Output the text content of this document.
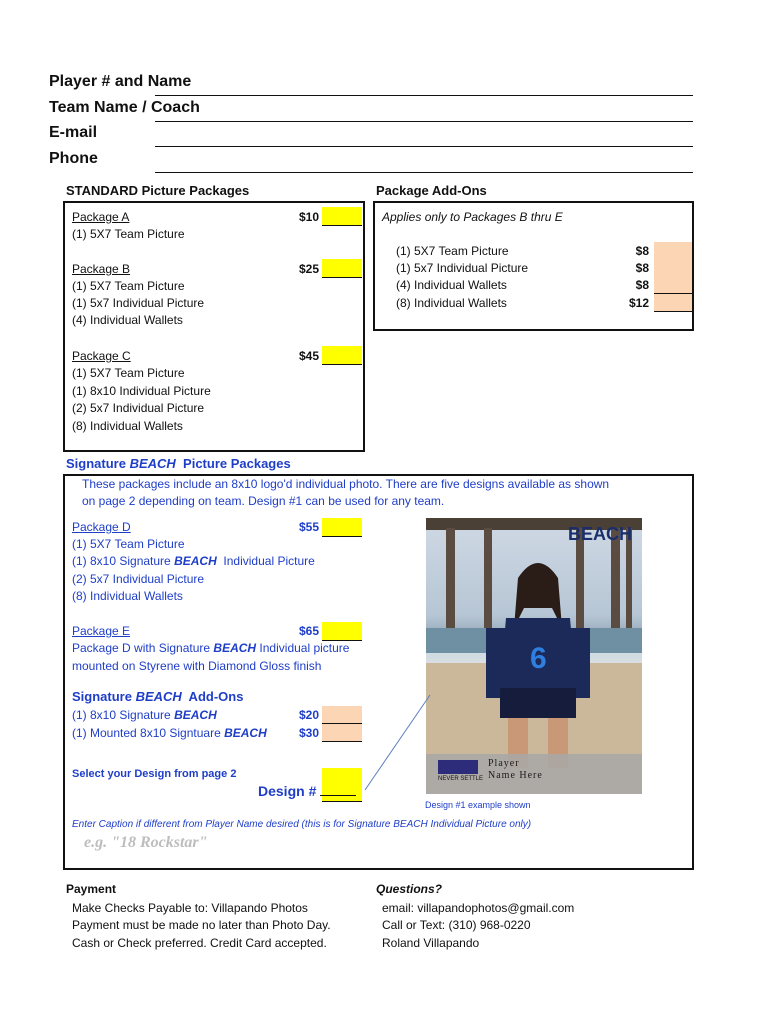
Player # and Name
Team Name / Coach
E-mail
Phone
STANDARD Picture Packages
Package A	$10
(1) 5X7 Team Picture
Package B	$25
(1) 5X7 Team Picture
(1) 5x7 Individual Picture
(4) Individual Wallets
Package C	$45
(1) 5X7 Team Picture
(1) 8x10 Individual Picture
(2) 5x7 Individual Picture
(8) Individual Wallets
Package Add-Ons
Applies only to Packages B thru E
(1) 5X7 Team Picture	$8
(1) 5x7 Individual Picture	$8
(4) Individual Wallets	$8
(8) Individual Wallets	$12
Signature BEACH  Picture Packages
These packages include an 8x10 logo'd individual photo. There are five designs available as shown
on page 2 depending on team. Design #1 can be used for any team.
Package D	$55
(1) 5X7 Team Picture
(1) 8x10 Signature BEACH  Individual Picture
(2) 5x7 Individual Picture
(8) Individual Wallets
Package E	$65
Package D with Signature BEACH Individual picture
mounted on Styrene with Diamond Gloss finish
Signature BEACH  Add-Ons
(1) 8x10 Signature BEACH	$20
(1) Mounted 8x10 Signtuare BEACH	$30
Select your Design from page 2
Design #
6
BEACH
Player
Name Here
NEVER SETTLE
Design #1 example shown
Enter Caption if different from Player Name desired (this is for Signature BEACH Individual Picture only)
e.g. "18 Rockstar"
Payment
Make Checks Payable to: Villapando Photos
Payment must be made no later than Photo Day.
Cash or Check preferred. Credit Card accepted.
Questions?
email: villapandophotos@gmail.com
Call or Text: (310) 968-0220
Roland Villapando
